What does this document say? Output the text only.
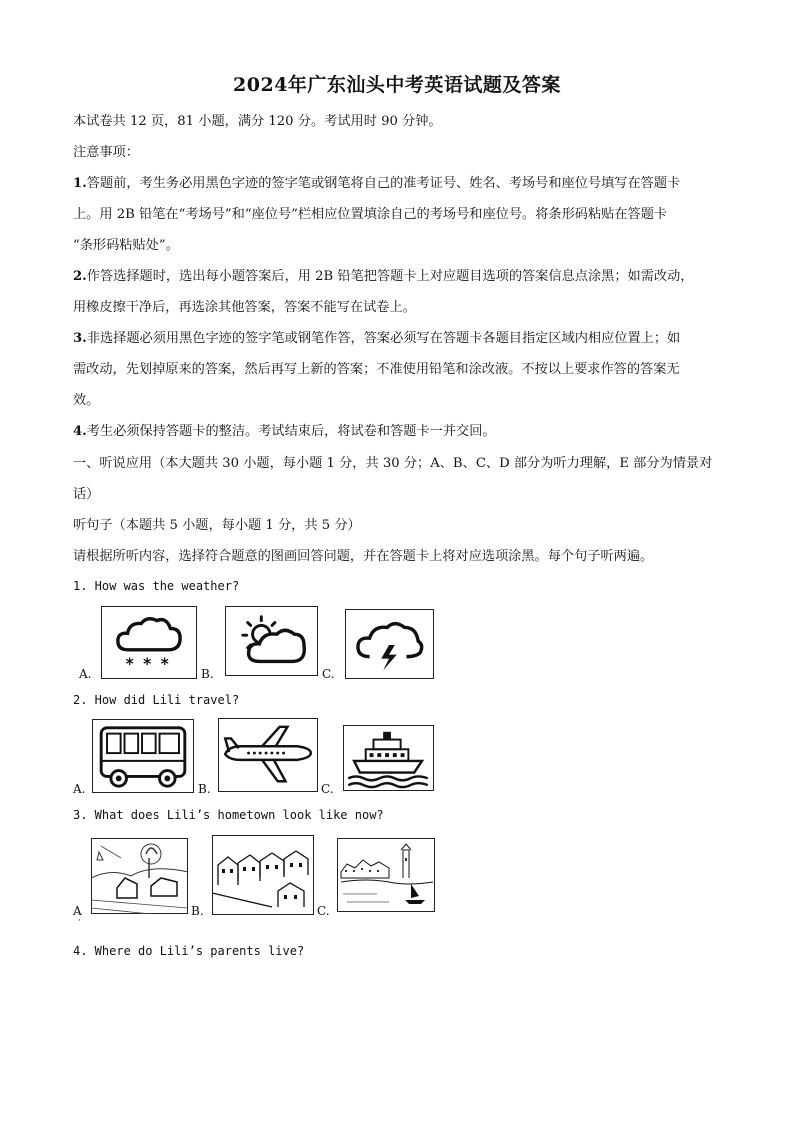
2024年广东汕头中考英语试题及答案
本试卷共 12 页，81 小题，满分 120 分。考试用时 90 分钟。
注意事项：
1.答题前，考生务必用黑色字迹的签字笔或钢笔将自己的准考证号、姓名、考场号和座位号填写在答题卡
上。用 2B 铅笔在“考场号”和“座位号”栏相应位置填涂自己的考场号和座位号。将条形码粘贴在答题卡
“条形码粘贴处”。
2.作答选择题时，选出每小题答案后，用 2B 铅笔把答题卡上对应题目选项的答案信息点涂黑；如需改动，
用橡皮擦干净后，再选涂其他答案，答案不能写在试卷上。
3.非选择题必须用黑色字迹的签字笔或钢笔作答，答案必须写在答题卡各题目指定区域内相应位置上；如
需改动，先划掉原来的答案，然后再写上新的答案；不准使用铅笔和涂改液。不按以上要求作答的答案无
效。
4.考生必须保持答题卡的整洁。考试结束后，将试卷和答题卡一并交回。
一、听说应用（本大题共 30 小题，每小题 1 分，共 30 分；A、B、C、D 部分为听力理解，E 部分为情景对
话）
听句子（本题共 5 小题，每小题 1 分，共 5 分）
请根据所听内容，选择符合题意的图画回答问题，并在答题卡上将对应选项涂黑。每个句子听两遍。
1. How was the weather?
A.
* * *
B.	C.
2. How did Lili travel?
A.	B.	C.
3. What does Lili’s hometown look like now?
A
·
B.	C.
4. Where do Lili’s parents live?
